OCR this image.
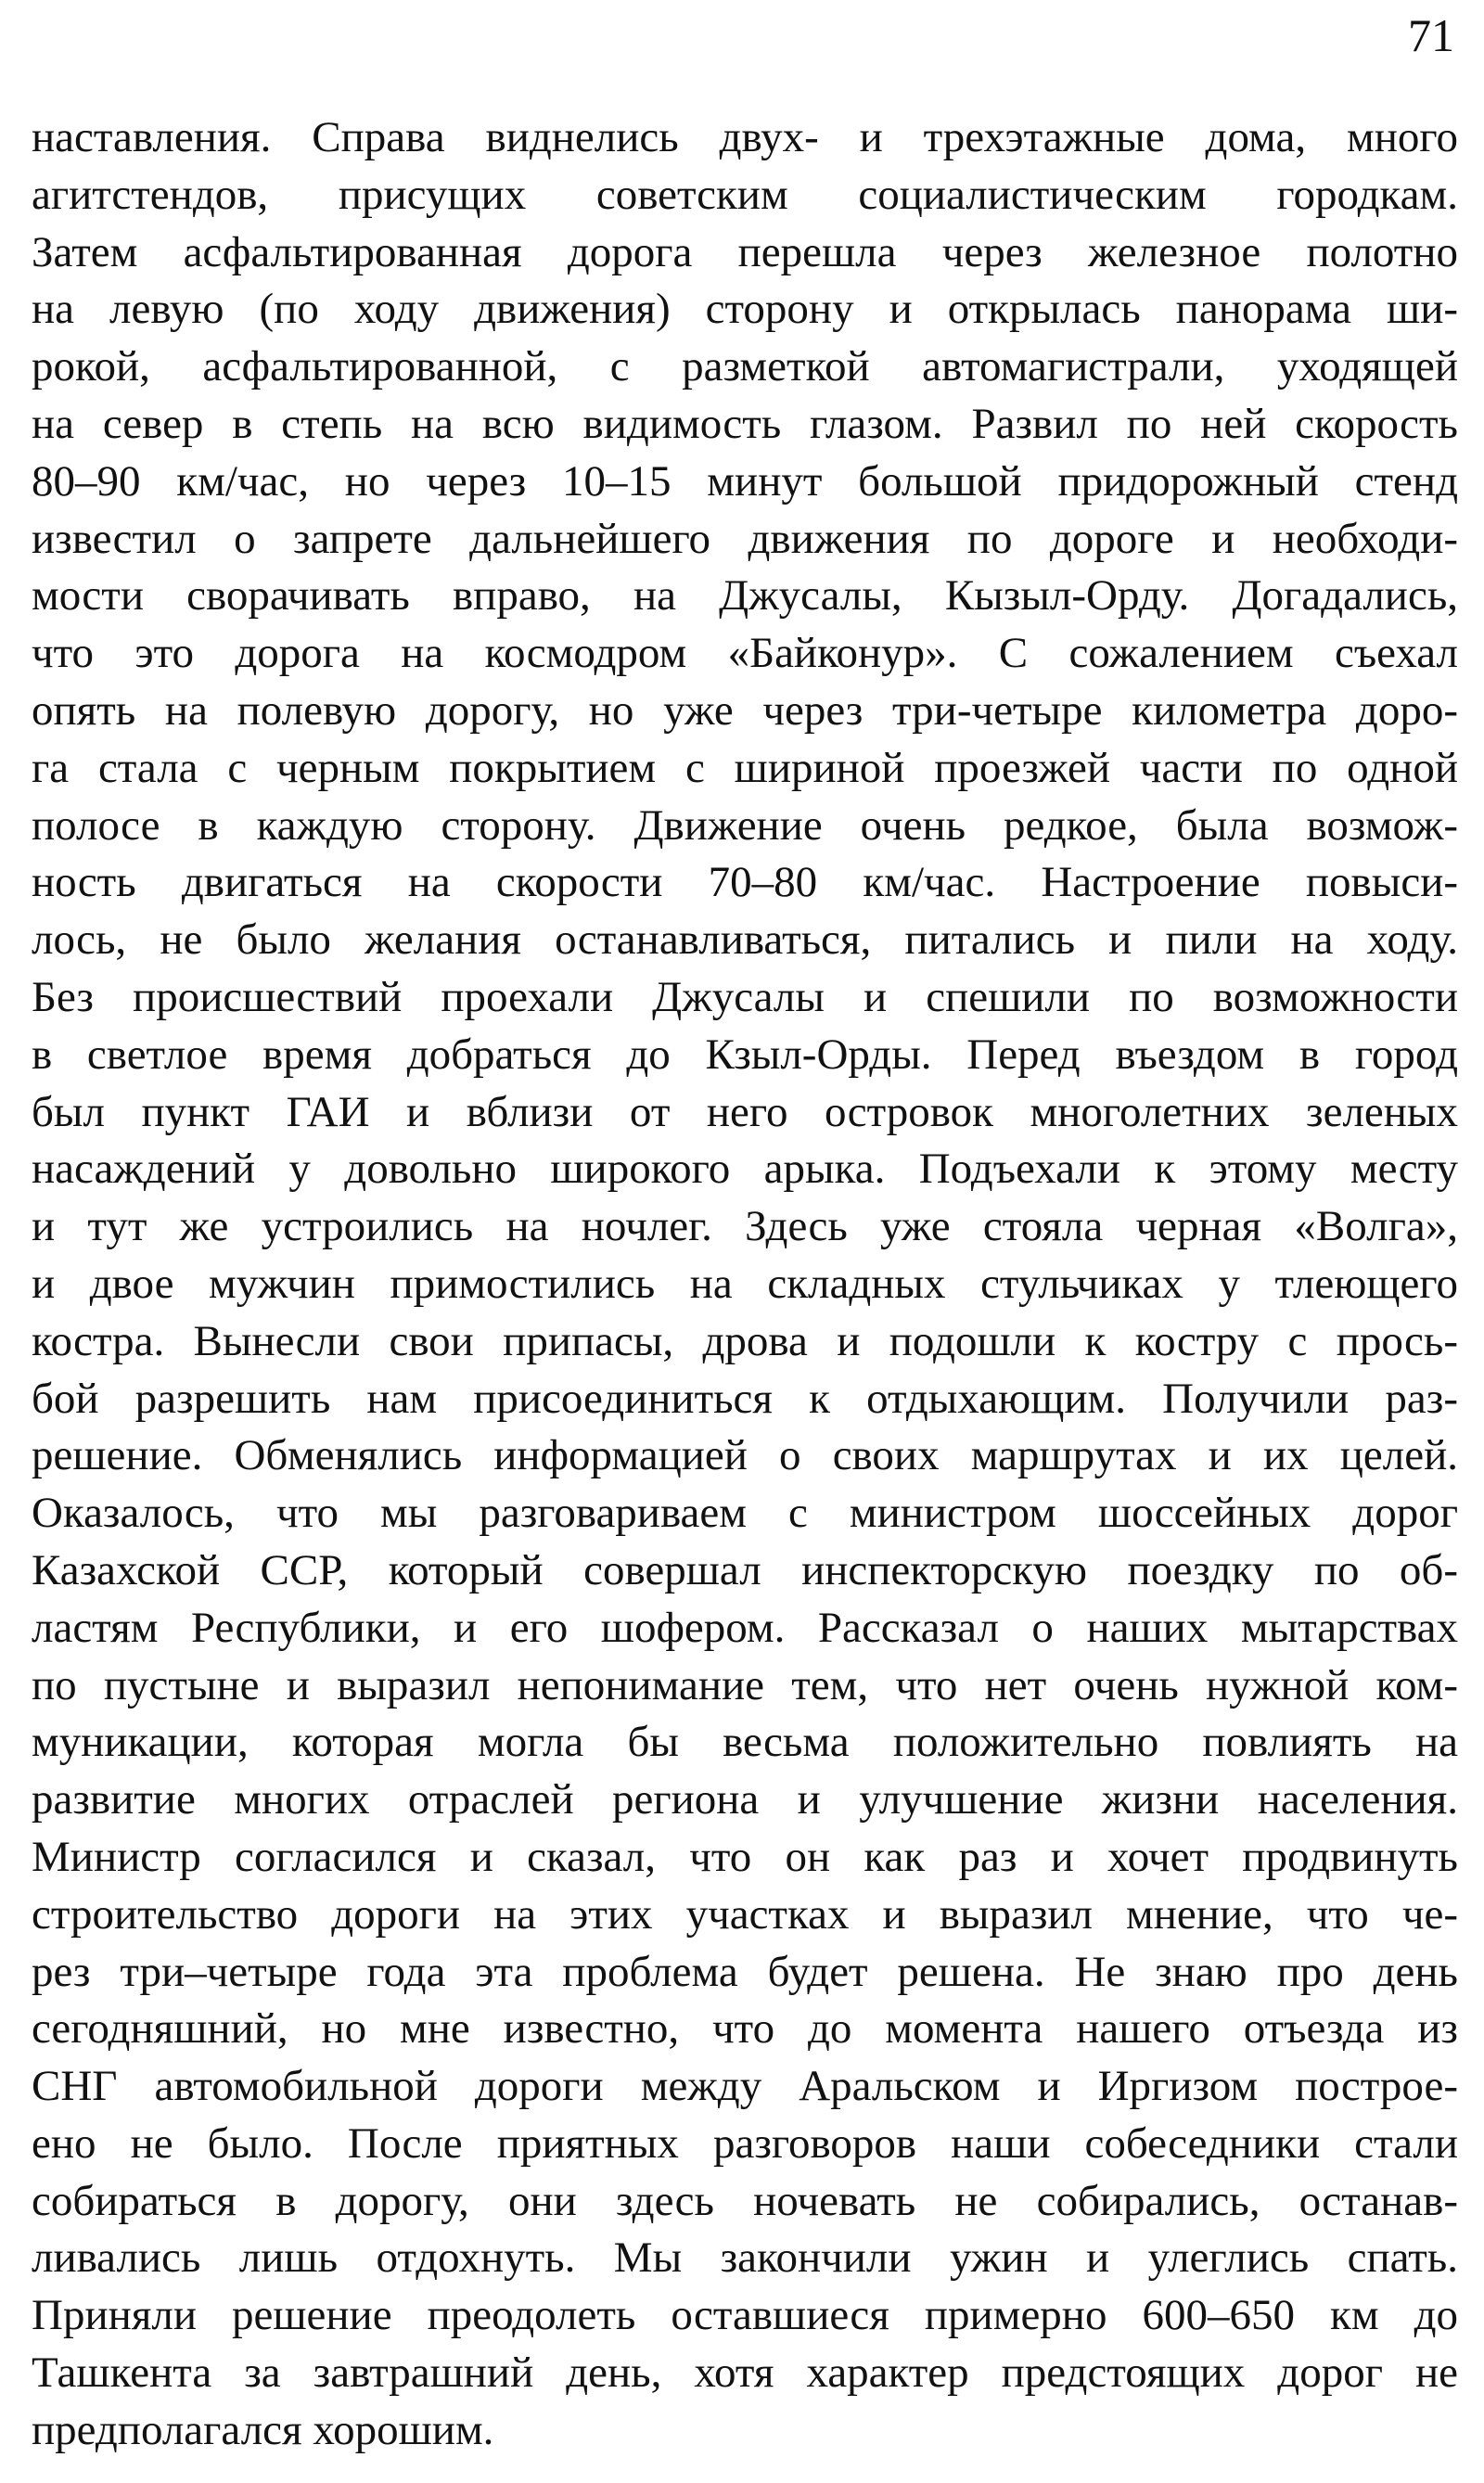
71
наставления. Справа виднелись двух- и трехэтажные дома, много
агитстендов, присущих советским социалистическим городкам.
Затем асфальтированная дорога перешла через железное полотно
на левую (по ходу движения) сторону и открылась панорама ши-
рокой, асфальтированной, с разметкой автомагистрали, уходящей
на север в степь на всю видимость глазом. Развил по ней скорость
80–90 км/час, но через 10–15 минут большой придорожный стенд
известил о запрете дальнейшего движения по дороге и необходи-
мости сворачивать вправо, на Джусалы, Кызыл-Орду. Догадались,
что это дорога на космодром «Байконур». С сожалением съехал
опять на полевую дорогу, но уже через три-четыре километра доро-
га стала с черным покрытием с шириной проезжей части по одной
полосе в каждую сторону. Движение очень редкое, была возмож-
ность двигаться на скорости 70–80 км/час. Настроение повыси-
лось, не было желания останавливаться, питались и пили на ходу.
Без происшествий проехали Джусалы и спешили по возможности
в светлое время добраться до Кзыл-Орды. Перед въездом в город
был пункт ГАИ и вблизи от него островок многолетних зеленых
насаждений у довольно широкого арыка. Подъехали к этому месту
и тут же устроились на ночлег. Здесь уже стояла черная «Волга»,
и двое мужчин примостились на складных стульчиках у тлеющего
костра. Вынесли свои припасы, дрова и подошли к костру с прось-
бой разрешить нам присоединиться к отдыхающим. Получили раз-
решение. Обменялись информацией о своих маршрутах и их целей.
Оказалось, что мы разговариваем с министром шоссейных дорог
Казахской ССР, который совершал инспекторскую поездку по об-
ластям Республики, и его шофером. Рассказал о наших мытарствах
по пустыне и выразил непонимание тем, что нет очень нужной ком-
муникации, которая могла бы весьма положительно повлиять на
развитие многих отраслей региона и улучшение жизни населения.
Министр согласился и сказал, что он как раз и хочет продвинуть
строительство дороги на этих участках и выразил мнение, что че-
рез три–четыре года эта проблема будет решена. Не знаю про день
сегодняшний, но мне известно, что до момента нашего отъезда из
СНГ автомобильной дороги между Аральском и Иргизом построе-
ено не было. После приятных разговоров наши собеседники стали
собираться в дорогу, они здесь ночевать не собирались, останав-
ливались лишь отдохнуть. Мы закончили ужин и улеглись спать.
Приняли решение преодолеть оставшиеся примерно 600–650 км до
Ташкента за завтрашний день, хотя характер предстоящих дорог не
предполагался хорошим.
